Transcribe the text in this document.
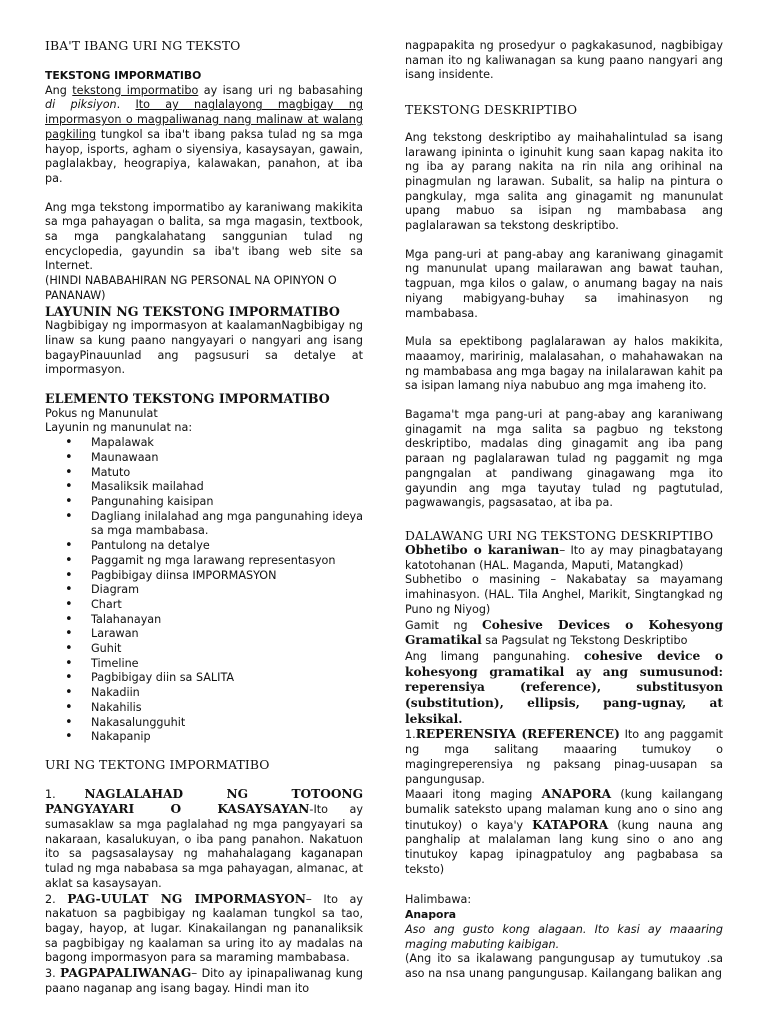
IBA'T IBANG URI NG TEKSTO
TEKSTONG IMPORMATIBO

Ang tekstong impormatibo ay isang uri ng babasahing di piksiyon. Ito ay naglalayong magbigay ng impormasyon o magpaliwanag nang malinaw at walang pagkiling tungkol sa iba't ibang paksa tulad ng sa mga hayop, isports, agham o siyensiya, kasaysayan, gawain, paglalakbay, heograpiya, kalawakan, panahon, at iba pa.

Ang mga tekstong impormatibo ay karaniwang makikita sa mga pahayagan o balita, sa mga magasin, textbook, sa mga pangkalahatang sanggunian tulad ng encyclopedia, gayundin sa iba't ibang web site sa Internet.

(HINDI NABABAHIRAN NG PERSONAL NA OPINYON O PANANAW)

LAYUNIN NG TEKSTONG IMPORMATIBO

Nagbibigay ng impormasyon at kaalamanNagbibigay ng linaw sa kung paano nangyayari o nangyari ang isang bagayPinauunlad ang pagsusuri sa detalye at impormasyon.

ELEMENTO TEKSTONG IMPORMATIBO
Pokus ng Manunulat
Layunin ng manunulat na:
• Mapalawak
• Maunawaan
• Matuto
• Masaliksik mailahad
• Pangunahing kaisipan
• Dagliang inilalahad ang mga pangunahing ideya sa mga mambabasa.
• Pantulong na detalye
• Paggamit ng mga larawang representasyon
• Pagbibigay diinsa IMPORMASYON
• Diagram
• Chart
• Talahanayan
• Larawan
• Guhit
• Timeline
• Pagbibigay diin sa SALITA
• Nakadiin
• Nakahilis
• Nakasalungguhit
• Nakapanip
URI NG TEKTONG IMPORMATIBO

1. NAGLALAHAD NG TOTOONG PANGYAYARI O KASAYSAYAN-Ito ay sumasaklaw sa mga paglalahad ng mga pangyayari sa nakaraan, kasalukuyan, o iba pang panahon. Nakatuon ito sa pagsasalaysay ng mahahalagang kaganapan tulad ng mga nababasa sa mga pahayagan, almanac, at aklat sa kasaysayan.

2. PAG-UULAT NG IMPORMASYON– Ito ay nakatuon sa pagbibigay ng kaalaman tungkol sa tao, bagay, hayop, at lugar. Kinakailangan ng pananaliksik sa pagbibigay ng kaalaman sa uring ito ay madalas na bagong impormasyon para sa maraming mambabasa.

3. PAGPAPALIWANAG– Dito ay ipinapaliwanag kung paano naganap ang isang bagay. Hindi man ito

nagpapakita ng prosedyur o pagkakasunod, nagbibigay naman ito ng kaliwanagan sa kung paano nangyari ang isang insidente.

TEKSTONG DESKRIPTIBO

Ang tekstong deskriptibo ay maihahalintulad sa isang larawang ipininta o iginuhit kung saan kapag nakita ito ng iba ay parang nakita na rin nila ang orihinal na pinagmulan ng larawan. Subalit, sa halip na pintura o pangkulay, mga salita ang ginagamit ng manunulat upang mabuo sa isipan ng mambabasa ang paglalarawan sa tekstong deskriptibo.

Mga pang-uri at pang-abay ang karaniwang ginagamit ng manunulat upang mailarawan ang bawat tauhan, tagpuan, mga kilos o galaw, o anumang bagay na nais niyang mabigyang-buhay sa imahinasyon ng mambabasa.

Mula sa epektibong paglalarawan ay halos makikita, maaamoy, maririnig, malalasahan, o mahahawakan na ng mambabasa ang mga bagay na inilalarawan kahit pa sa isipan lamang niya nabubuo ang mga imaheng ito.

Bagama't mga pang-uri at pang-abay ang karaniwang ginagamit na mga salita sa pagbuo ng tekstong deskriptibo, madalas ding ginagamit ang iba pang paraan ng paglalarawan tulad ng paggamit ng mga pangngalan at pandiwang ginagawang mga ito gayundin ang mga tayutay tulad ng pagtutulad, pagwawangis, pagsasatao, at iba pa.

DALAWANG URI NG TEKSTONG DESKRIPTIBO

Obhetibo o karaniwan– Ito ay may pinagbatayang katotohanan (HAL. Maganda, Maputi, Matangkad)

Subhetibo o masining – Nakabatay sa mayamang imahinasyon. (HAL. Tila Anghel, Marikit, Singtangkad ng Puno ng Niyog)

Gamit ng Cohesive Devices o Kohesyong Gramatikal sa Pagsulat ng Tekstong Deskriptibo

Ang limang pangunahing. cohesive device o kohesyong gramatikal ay ang sumusunod: reperensiya (reference), substitusyon (substitution), ellipsis, pang-ugnay, at leksikal.

1.REPERENSIYA (REFERENCE) Ito ang paggamit ng mga salitang maaaring tumukoy o magingreperensiya ng paksang pinag-uusapan sa pangungusap.

Maaari itong maging ANAPORA (kung kailangang bumalik sateksto upang malaman kung ano o sino ang tinutukoy) o kaya'y KATAPORA (kung nauna ang panghalip at malalaman lang kung sino o ano ang tinutukoy kapag ipinagpatuloy ang pagbabasa sa teksto)

Halimbawa:
Anapora

Aso ang gusto kong alagaan. Ito kasi ay maaaring maging mabuting kaibigan.

(Ang ito sa ikalawang pangungusap ay tumutukoy .sa aso na nsa unang pangungusap. Kailangang balikan ang
